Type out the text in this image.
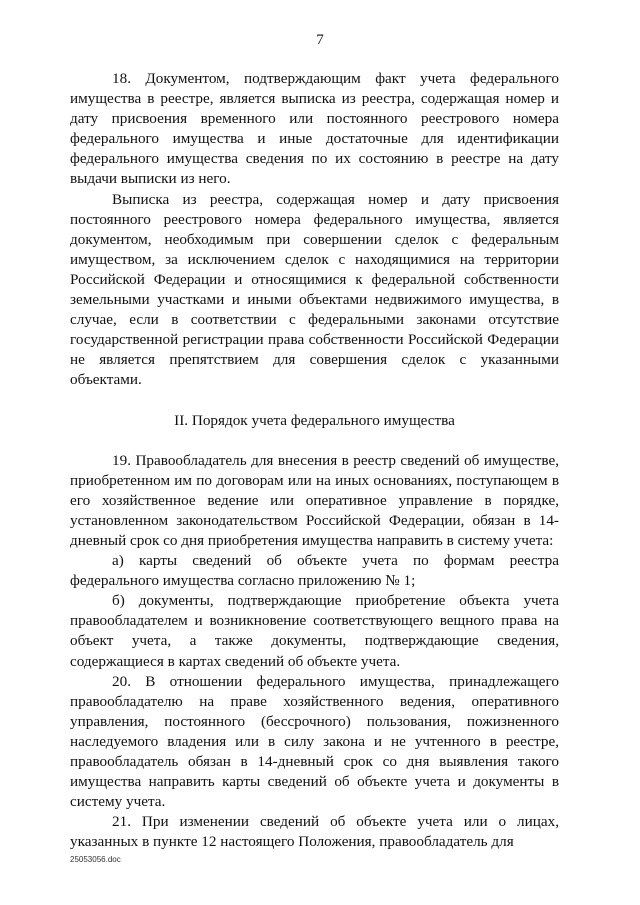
7

18. Документом, подтверждающим факт учета федерального имущества в реестре, является выписка из реестра, содержащая номер и дату присвоения временного или постоянного реестрового номера федерального имущества и иные достаточные для идентификации федерального имущества сведения по их состоянию в реестре на дату выдачи выписки из него.

Выписка из реестра, содержащая номер и дату присвоения постоянного реестрового номера федерального имущества, является документом, необходимым при совершении сделок с федеральным имуществом, за исключением сделок с находящимися на территории Российской Федерации и относящимися к федеральной собственности земельными участками и иными объектами недвижимого имущества, в случае, если в соответствии с федеральными законами отсутствие государственной регистрации права собственности Российской Федерации не является препятствием для совершения сделок с указанными объектами.

II. Порядок учета федерального имущества

19. Правообладатель для внесения в реестр сведений об имуществе, приобретенном им по договорам или на иных основаниях, поступающем в его хозяйственное ведение или оперативное управление в порядке, установленном законодательством Российской Федерации, обязан в 14-дневный срок со дня приобретения имущества направить в систему учета:

а) карты сведений об объекте учета по формам реестра федерального имущества согласно приложению № 1;

б) документы, подтверждающие приобретение объекта учета правообладателем и возникновение соответствующего вещного права на объект учета, а также документы, подтверждающие сведения, содержащиеся в картах сведений об объекте учета.

20. В отношении федерального имущества, принадлежащего правообладателю на праве хозяйственного ведения, оперативного управления, постоянного (бессрочного) пользования, пожизненного наследуемого владения или в силу закона и не учтенного в реестре, правообладатель обязан в 14-дневный срок со дня выявления такого имущества направить карты сведений об объекте учета и документы в систему учета.

21. При изменении сведений об объекте учета или о лицах, указанных в пункте 12 настоящего Положения, правообладатель для

25053056.doc
